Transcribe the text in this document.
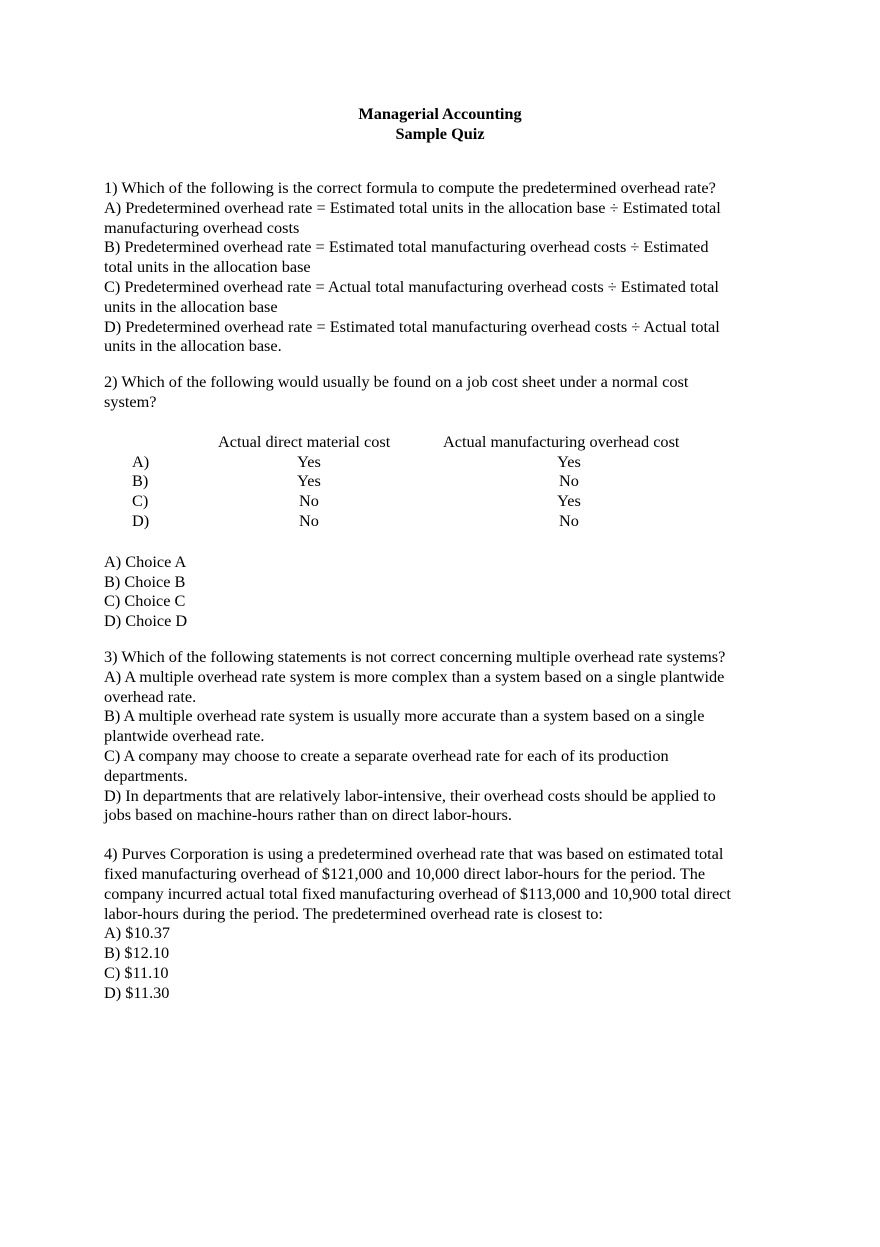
Managerial Accounting
Sample Quiz
1) Which of the following is the correct formula to compute the predetermined overhead rate?
A) Predetermined overhead rate = Estimated total units in the allocation base ÷ Estimated total
manufacturing overhead costs
B) Predetermined overhead rate = Estimated total manufacturing overhead costs ÷ Estimated
total units in the allocation base
C) Predetermined overhead rate = Actual total manufacturing overhead costs ÷ Estimated total
units in the allocation base
D) Predetermined overhead rate = Estimated total manufacturing overhead costs ÷ Actual total
units in the allocation base.
2) Which of the following would usually be found on a job cost sheet under a normal cost
system?
Actual direct material cost	Actual manufacturing overhead cost
A)	Yes	Yes
B)	Yes	No
C)	No	Yes
D)	No	No
A) Choice A
B) Choice B
C) Choice C
D) Choice D
3) Which of the following statements is not correct concerning multiple overhead rate systems?
A) A multiple overhead rate system is more complex than a system based on a single plantwide
overhead rate.
B) A multiple overhead rate system is usually more accurate than a system based on a single
plantwide overhead rate.
C) A company may choose to create a separate overhead rate for each of its production
departments.
D) In departments that are relatively labor-intensive, their overhead costs should be applied to
jobs based on machine-hours rather than on direct labor-hours.
4) Purves Corporation is using a predetermined overhead rate that was based on estimated total
fixed manufacturing overhead of $121,000 and 10,000 direct labor-hours for the period. The
company incurred actual total fixed manufacturing overhead of $113,000 and 10,900 total direct
labor-hours during the period. The predetermined overhead rate is closest to:
A) $10.37
B) $12.10
C) $11.10
D) $11.30
